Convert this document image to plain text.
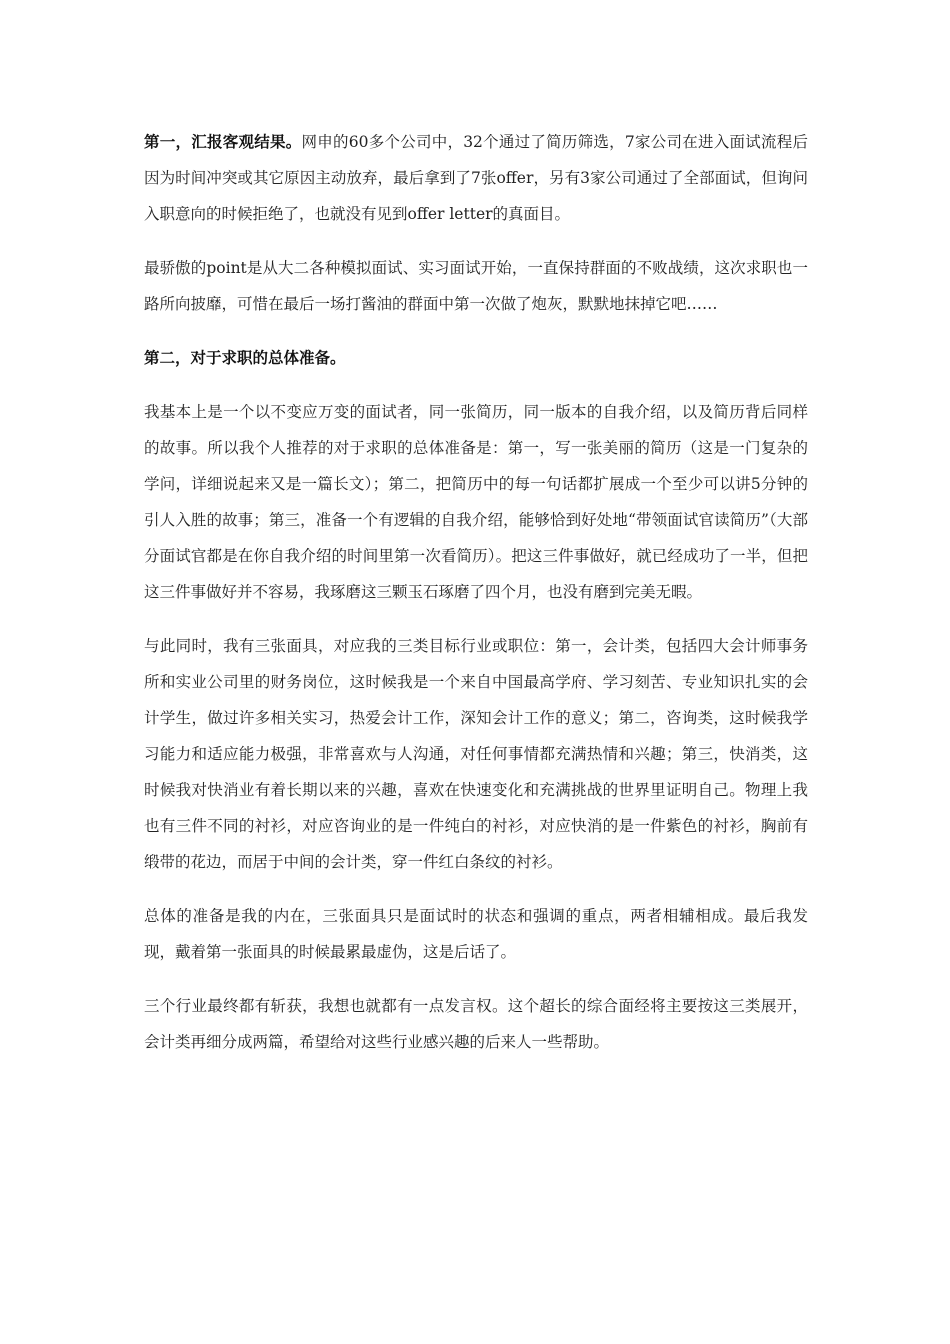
第一，汇报客观结果。网申的60多个公司中，32个通过了简历筛选，7家公司在进入面试流程后因为时间冲突或其它原因主动放弃，最后拿到了7张offer，另有3家公司通过了全部面试，但询问入职意向的时候拒绝了，也就没有见到offer letter的真面目。

最骄傲的point是从大二各种模拟面试、实习面试开始，一直保持群面的不败战绩，这次求职也一路所向披靡，可惜在最后一场打酱油的群面中第一次做了炮灰，默默地抹掉它吧……

第二，对于求职的总体准备。

我基本上是一个以不变应万变的面试者，同一张简历，同一版本的自我介绍，以及简历背后同样的故事。所以我个人推荐的对于求职的总体准备是：第一，写一张美丽的简历（这是一门复杂的学问，详细说起来又是一篇长文）；第二，把简历中的每一句话都扩展成一个至少可以讲5分钟的引人入胜的故事；第三，准备一个有逻辑的自我介绍，能够恰到好处地“带领面试官读简历”（大部分面试官都是在你自我介绍的时间里第一次看简历）。把这三件事做好，就已经成功了一半，但把这三件事做好并不容易，我琢磨这三颗玉石琢磨了四个月，也没有磨到完美无暇。

与此同时，我有三张面具，对应我的三类目标行业或职位：第一，会计类，包括四大会计师事务所和实业公司里的财务岗位，这时候我是一个来自中国最高学府、学习刻苦、专业知识扎实的会计学生，做过许多相关实习，热爱会计工作，深知会计工作的意义；第二，咨询类，这时候我学习能力和适应能力极强，非常喜欢与人沟通，对任何事情都充满热情和兴趣；第三，快消类，这时候我对快消业有着长期以来的兴趣，喜欢在快速变化和充满挑战的世界里证明自己。物理上我也有三件不同的衬衫，对应咨询业的是一件纯白的衬衫，对应快消的是一件紫色的衬衫，胸前有缎带的花边，而居于中间的会计类，穿一件红白条纹的衬衫。

总体的准备是我的内在，三张面具只是面试时的状态和强调的重点，两者相辅相成。最后我发现，戴着第一张面具的时候最累最虚伪，这是后话了。

三个行业最终都有斩获，我想也就都有一点发言权。这个超长的综合面经将主要按这三类展开，会计类再细分成两篇，希望给对这些行业感兴趣的后来人一些帮助。
